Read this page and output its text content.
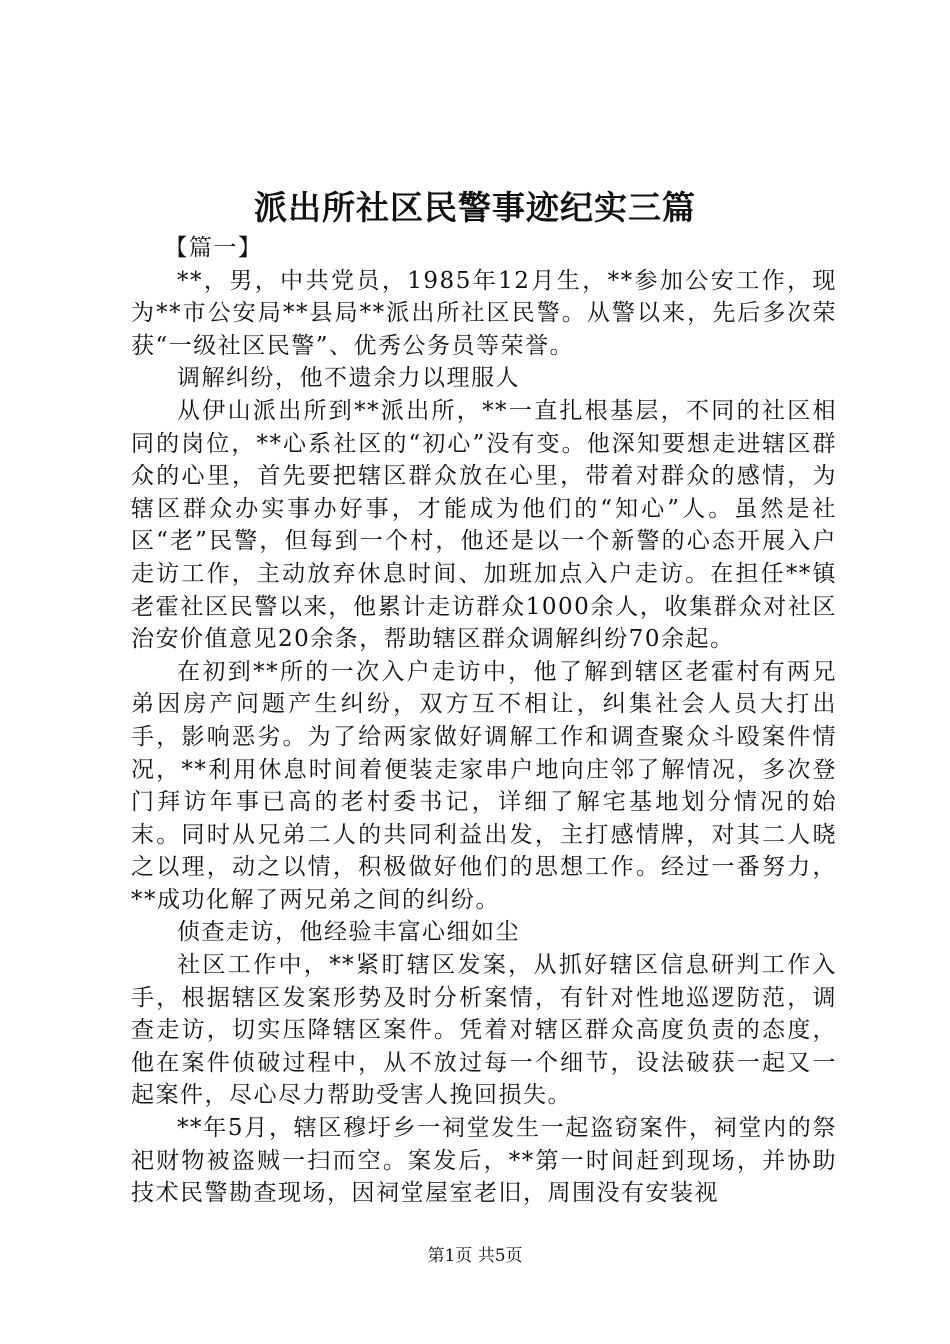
派出所社区民警事迹纪实三篇

【篇一】

**，男，中共党员，1985年12月生，**参加公安工作，现为**市公安局**县局**派出所社区民警。从警以来，先后多次荣获“一级社区民警”、优秀公务员等荣誉。

调解纠纷，他不遗余力以理服人

从伊山派出所到**派出所，**一直扎根基层，不同的社区相同的岗位，**心系社区的“初心”没有变。他深知要想走进辖区群众的心里，首先要把辖区群众放在心里，带着对群众的感情，为辖区群众办实事办好事，才能成为他们的“知心”人。虽然是社区“老”民警，但每到一个村，他还是以一个新警的心态开展入户走访工作，主动放弃休息时间、加班加点入户走访。在担任**镇老霍社区民警以来，他累计走访群众1000余人，收集群众对社区治安价值意见20余条，帮助辖区群众调解纠纷70余起。

在初到**所的一次入户走访中，他了解到辖区老霍村有两兄弟因房产问题产生纠纷，双方互不相让，纠集社会人员大打出手，影响恶劣。为了给两家做好调解工作和调查聚众斗殴案件情况，**利用休息时间着便装走家串户地向庄邻了解情况，多次登门拜访年事已高的老村委书记，详细了解宅基地划分情况的始末。同时从兄弟二人的共同利益出发，主打感情牌，对其二人晓之以理，动之以情，积极做好他们的思想工作。经过一番努力，**成功化解了两兄弟之间的纠纷。

侦查走访，他经验丰富心细如尘

社区工作中，**紧盯辖区发案，从抓好辖区信息研判工作入手，根据辖区发案形势及时分析案情，有针对性地巡逻防范，调查走访，切实压降辖区案件。凭着对辖区群众高度负责的态度，他在案件侦破过程中，从不放过每一个细节，设法破获一起又一起案件，尽心尽力帮助受害人挽回损失。

**年5月，辖区穆圩乡一祠堂发生一起盗窃案件，祠堂内的祭祀财物被盗贼一扫而空。案发后，**第一时间赶到现场，并协助技术民警勘查现场，因祠堂屋室老旧，周围没有安装视

第1页 共5页
